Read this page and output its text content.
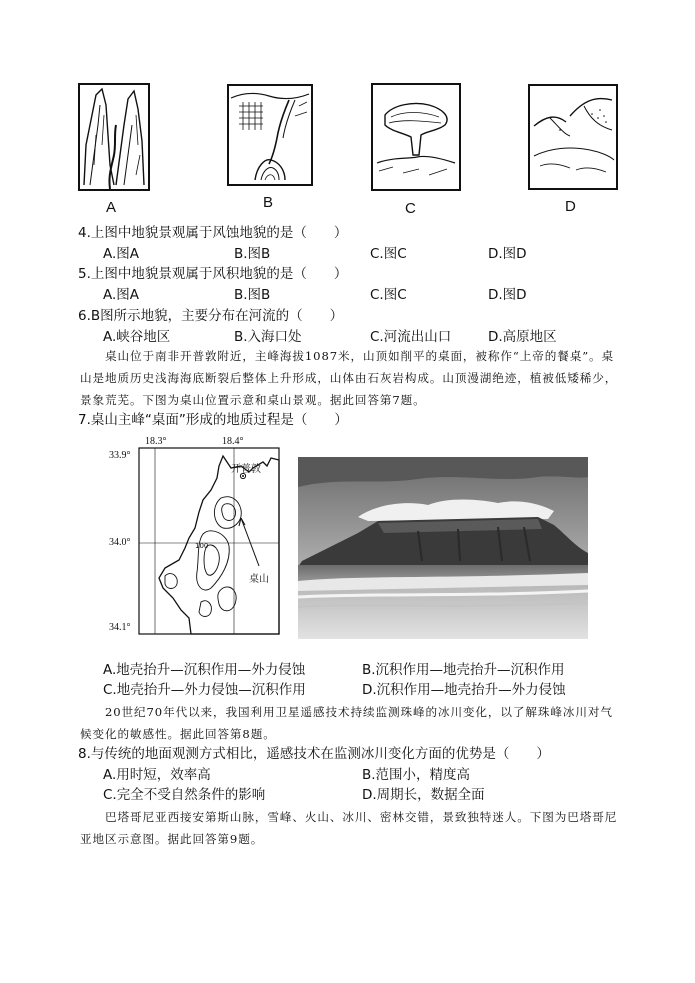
A	B	C	D
4.上图中地貌景观属于风蚀地貌的是（　　）
A.图A	B.图B	C.图C	D.图D
5.上图中地貌景观属于风积地貌的是（　　）
A.图A	B.图B	C.图C	D.图D
6.B图所示地貌，主要分布在河流的（　　）
A.峡谷地区	B.入海口处	C.河流出山口	D.高原地区

　　桌山位于南非开普敦附近，主峰海拔1087米，山顶如削平的桌面，被称作“上帝的餐桌”。桌山是地质历史浅海海底断裂后整体上升形成，山体由石灰岩构成。山顶漫湖绝迹，植被低矮稀少，景象荒芜。下图为桌山位置示意和桌山景观。据此回答第7题。

7.桌山主峰“桌面”形成的地质过程是（　　）
18.3°	18.4°
33.9°
34.0°
34.1°
开普敦
桌山
100
A.地壳抬升—沉积作用—外力侵蚀	B.沉积作用—地壳抬升—沉积作用
C.地壳抬升—外力侵蚀—沉积作用	D.沉积作用—地壳抬升—外力侵蚀

　　20世纪70年代以来，我国利用卫星遥感技术持续监测珠峰的冰川变化，以了解珠峰冰川对气候变化的敏感性。据此回答第8题。

8.与传统的地面观测方式相比，遥感技术在监测冰川变化方面的优势是（　　）
A.用时短，效率高	B.范围小，精度高
C.完全不受自然条件的影响	D.周期长，数据全面

　　巴塔哥尼亚西接安第斯山脉，雪峰、火山、冰川、密林交错，景致独特迷人。下图为巴塔哥尼亚地区示意图。据此回答第9题。
